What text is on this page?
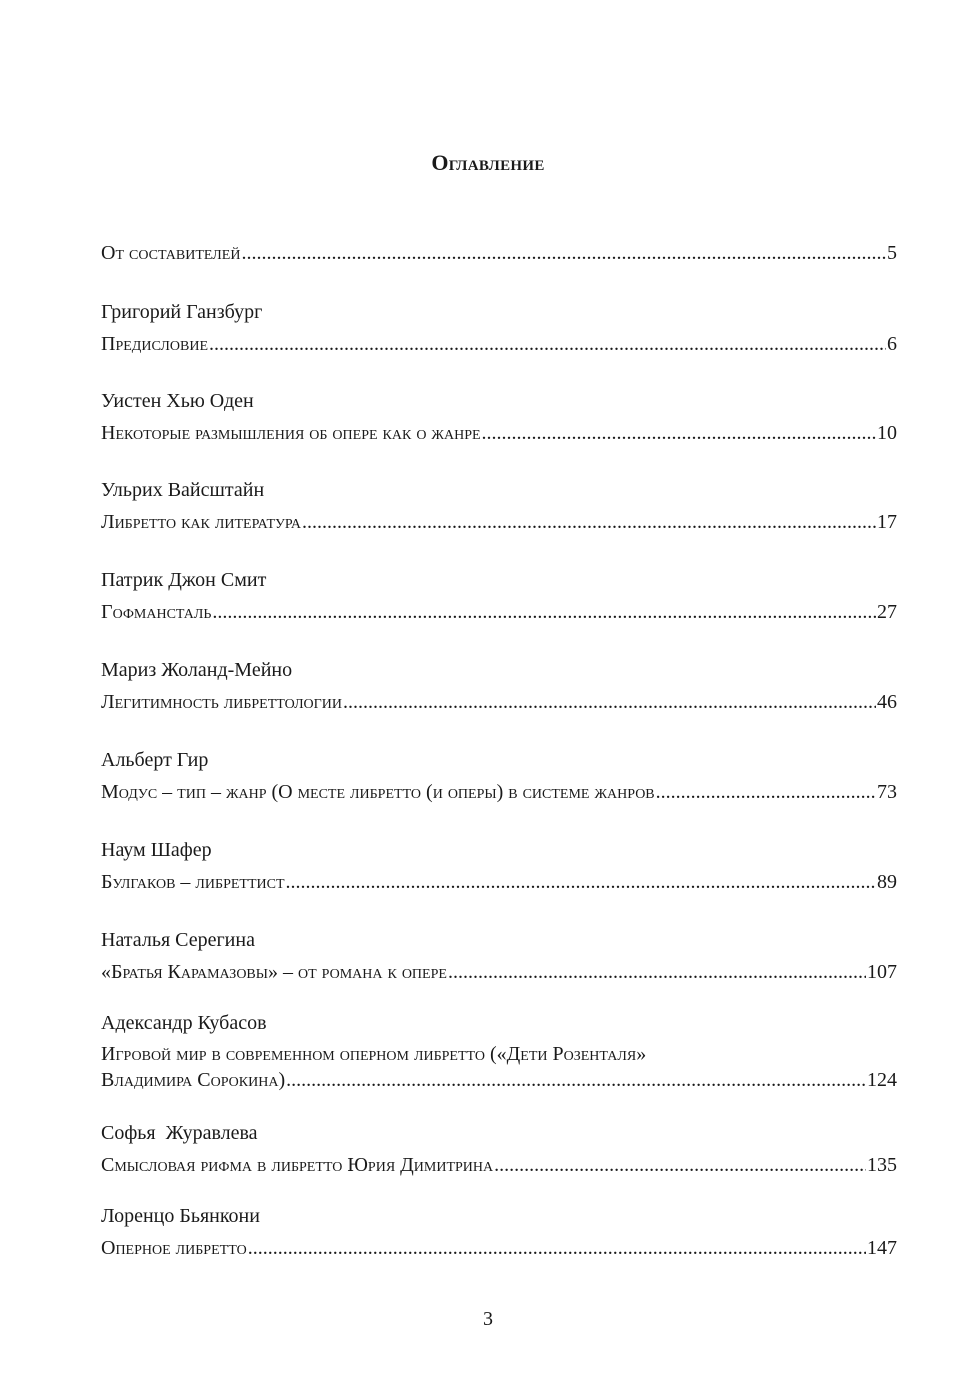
Оглавление
От составителей .....	5
Григорий Ганзбург
Предисловие .....	6
Уистен Хью Оден
Некоторые размышления об опере как о жанре .....	10
Ульрих Вайсштайн
Либретто как литература .....	17
Патрик Джон Смит
Гофмансталь .....	27
Мариз Жоланд-Мейно
Легитимность либреттологии .....	46
Альберт Гир
Модус – тип – жанр (О месте либретто (и оперы) в системе жанров .....	73
Наум Шафер
Булгаков – либреттист .....	89
Наталья Серегина
«Братья Карамазовы» – от романа к опере .....	107
Адександр Кубасов
Игровой мир в современном оперном либретто («Дети Розенталя»
Владимира Сорокина) .....	124
Софья  Журавлева
Смысловая рифма в либретто Юрия Димитрина .....	135
Лоренцо Бьянкони
Оперное либретто .....	147
3
